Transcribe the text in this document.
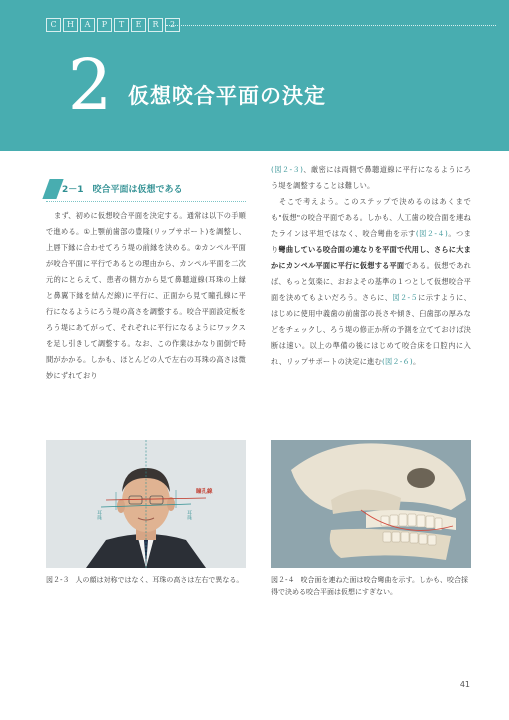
C	H	A	P	T	E	R	2
2 仮想咬合平面の決定
2－1　咬合平面は仮想である

まず、初めに仮想咬合平面を決定する。通常は以下の手順で進める。①上顎前歯部の豊隆(リップサポート)を調整し、上唇下縁に合わせてろう堤の前縁を決める。②カンペル平面が咬合平面に平行であるとの理由から、カンペル平面を二次元的にとらえて、患者の側方から見て鼻聴道線(耳珠の上縁と鼻翼下縁を結んだ線)に平行に、正面から見て瞳孔線に平行になるようにろう堤の高さを調整する。咬合平面設定板をろう堤にあてがって、それぞれに平行になるようにワックスを足し引きして調整する。なお、この作業はかなり面倒で時間がかかる。しかも、ほとんどの人で左右の耳珠の高さは微妙にずれており

(図２-３)、厳密には両側で鼻聴道線に平行になるようにろう堤を調整することは難しい。

そこで考えよう。このステップで決めるのはあくまでも"仮想"の咬合平面である。しかも、人工歯の咬合面を連ねたラインは平坦ではなく、咬合彎曲を示す(図２-４)。つまり彎曲している咬合面の連なりを平面で代用し、さらに大まかにカンペル平面に平行に仮想する平面である。仮想であれば、もっと気楽に、おおよその基準の１つとして仮想咬合平面を決めてもよいだろう。さらに、図２-５に示すように、はじめに使用中義歯の前歯部の長さや傾き、臼歯部の厚みなどをチェックし、ろう堤の修正か所の予測を立てておけば決断は速い。以上の準備の後にはじめて咬合床を口腔内に入れ、リップサポートの決定に進む(図２-６)。

瞳孔線
耳珠	耳珠
図２-３ 人の顔は対称ではなく、耳珠の高さは左右で異なる。	図２-４ 咬合面を連ねた面は咬合彎曲を示す。しかも、咬合採得で決める咬合平面は仮想にすぎない。
41
